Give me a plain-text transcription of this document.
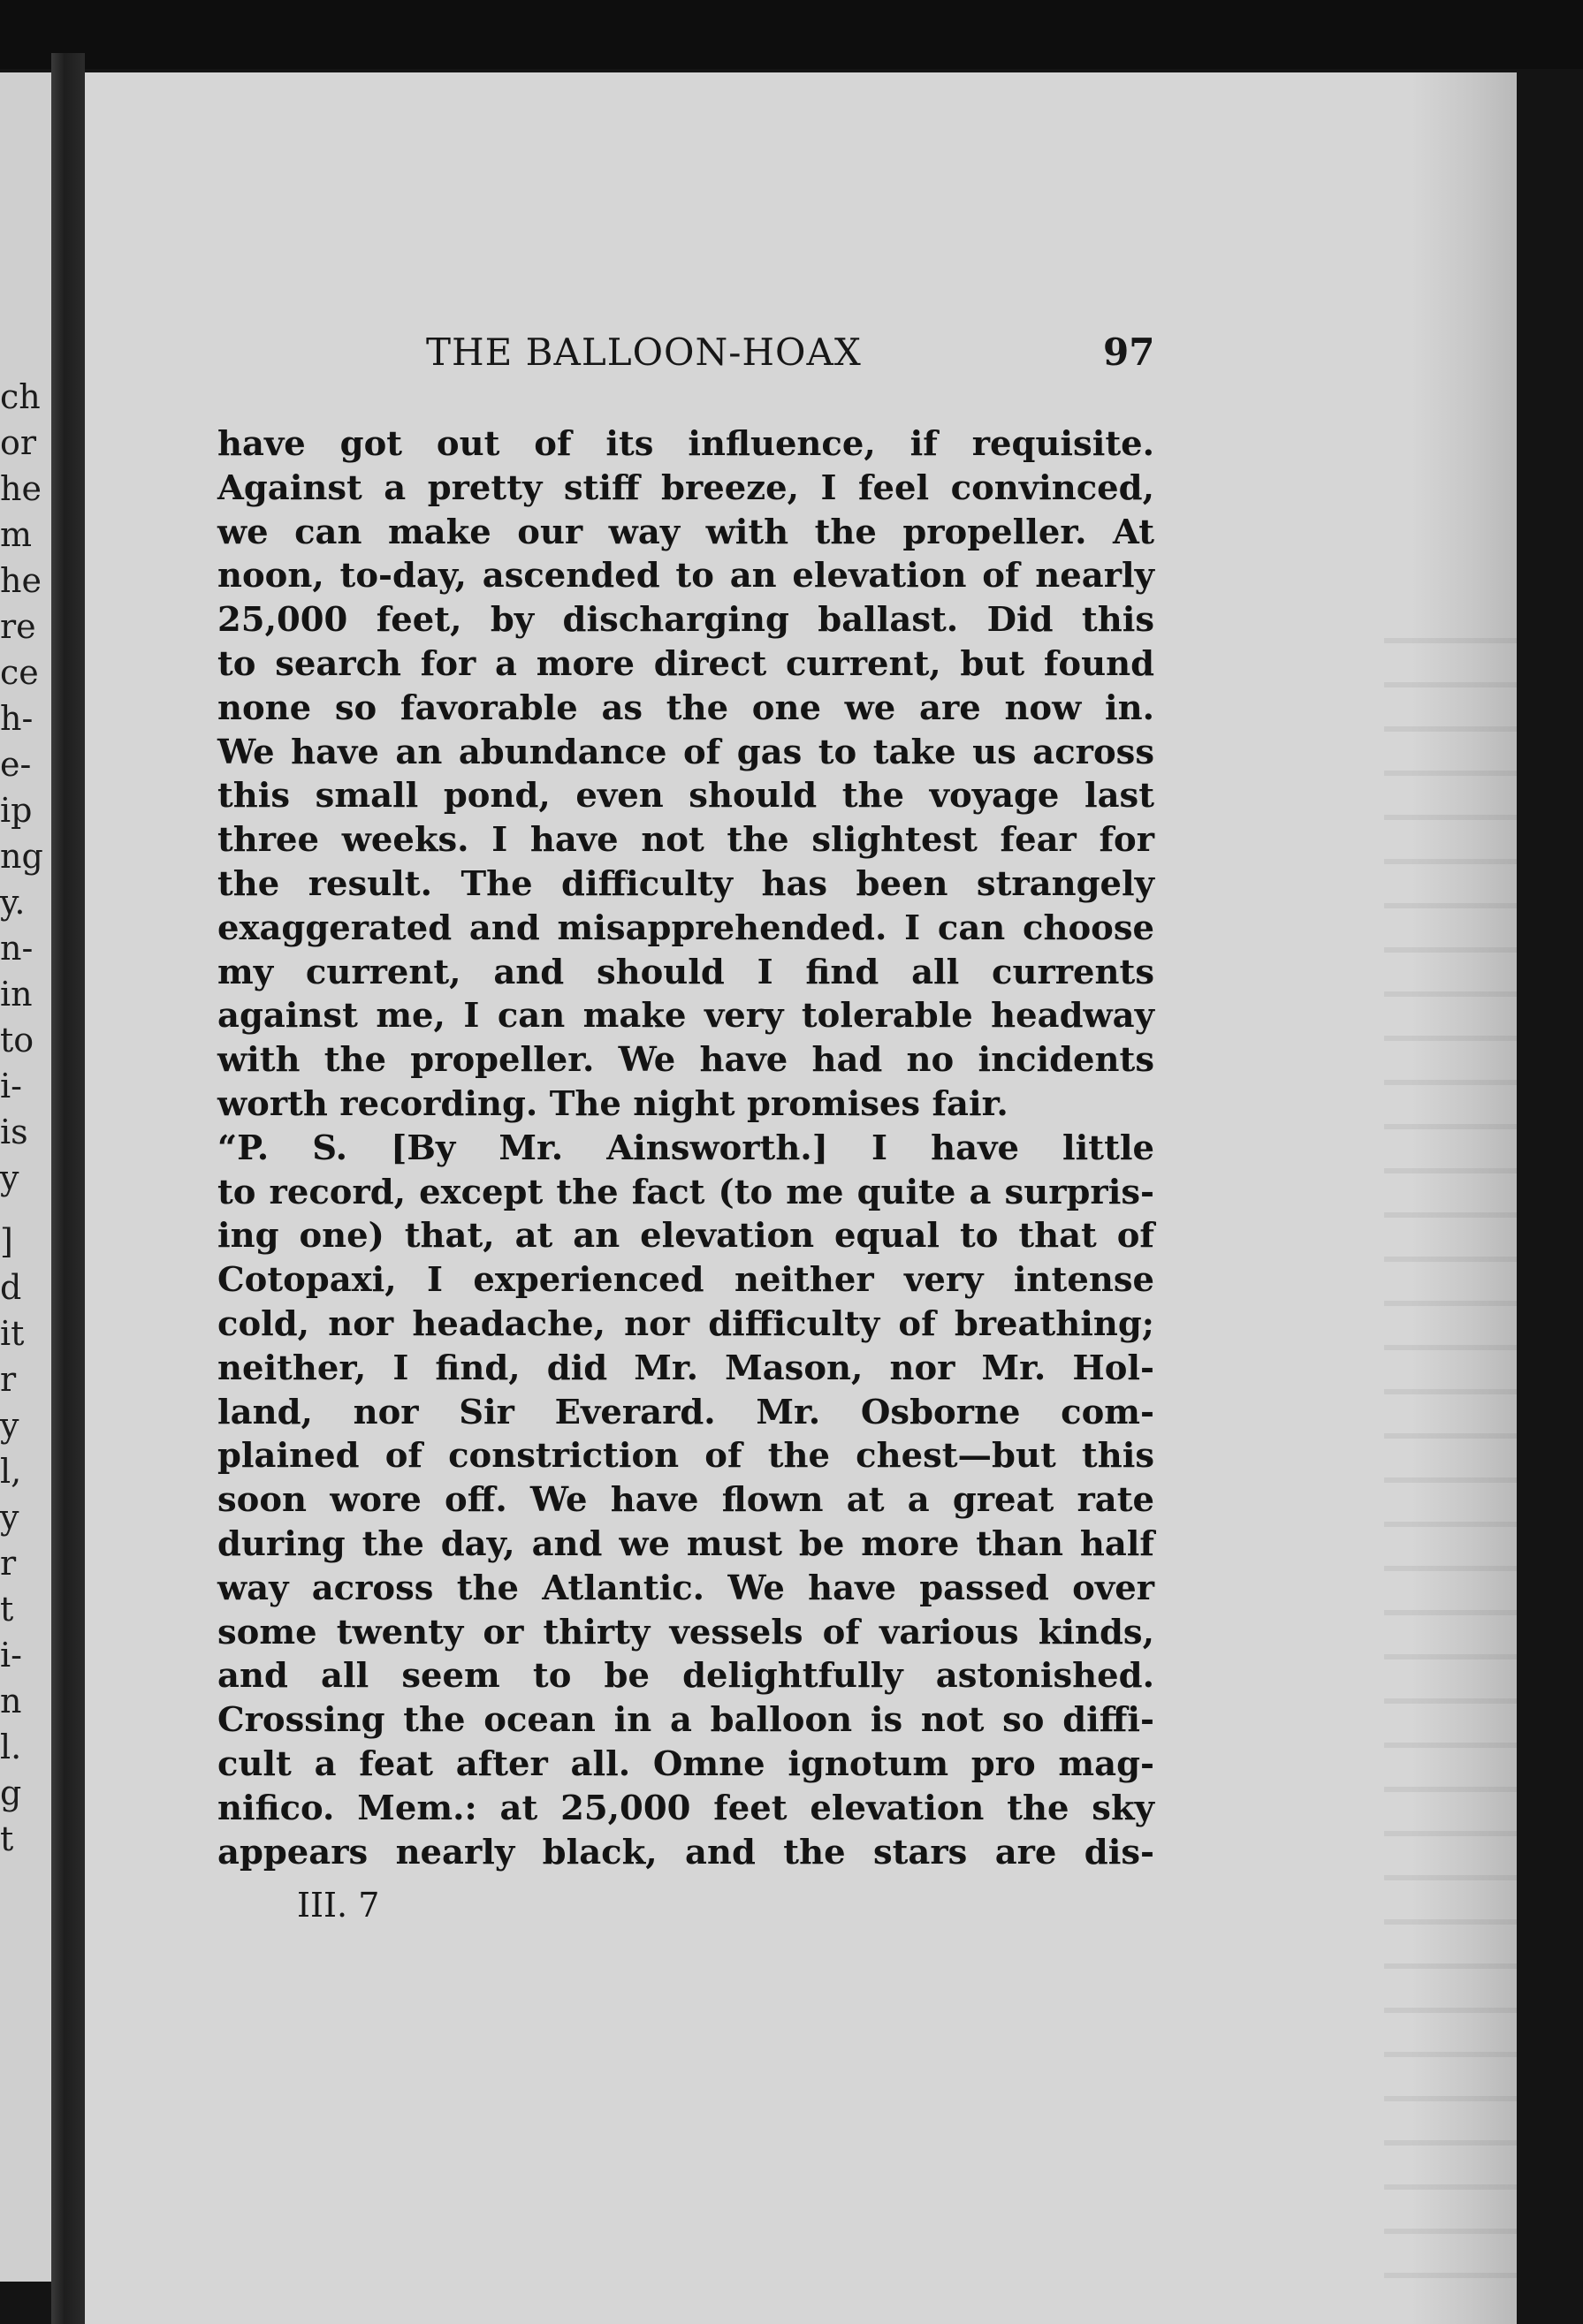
ch
or
he
m
he
re
ce
h-
e-
ip
ng
y.
n-
in
to
i-
is
y
]
d
it
r
y
l,
y
r
t
i-
n
l.
g
t
THE BALLOON-HOAX	97
have got out of its influence, if requisite.
Against a pretty stiff breeze, I feel convinced,
we can make our way with the propeller. At
noon, to-day, ascended to an elevation of nearly
25,000 feet, by discharging ballast. Did this
to search for a more direct current, but found
none so favorable as the one we are now in.
We have an abundance of gas to take us across
this small pond, even should the voyage last
three weeks. I have not the slightest fear for
the result. The difficulty has been strangely
exaggerated and misapprehended. I can choose
my current, and should I find all currents
against me, I can make very tolerable headway
with the propeller. We have had no incidents
worth recording. The night promises fair.
“P. S. [By Mr. Ainsworth.] I have little
to record, except the fact (to me quite a surpris-
ing one) that, at an elevation equal to that of
Cotopaxi, I experienced neither very intense
cold, nor headache, nor difficulty of breathing;
neither, I find, did Mr. Mason, nor Mr. Hol-
land, nor Sir Everard. Mr. Osborne com-
plained of constriction of the chest—but this
soon wore off. We have flown at a great rate
during the day, and we must be more than half
way across the Atlantic. We have passed over
some twenty or thirty vessels of various kinds,
and all seem to be delightfully astonished.
Crossing the ocean in a balloon is not so diffi-
cult a feat after all. Omne ignotum pro mag-
nifico. Mem.: at 25,000 feet elevation the sky
appears nearly black, and the stars are dis-
III. 7
